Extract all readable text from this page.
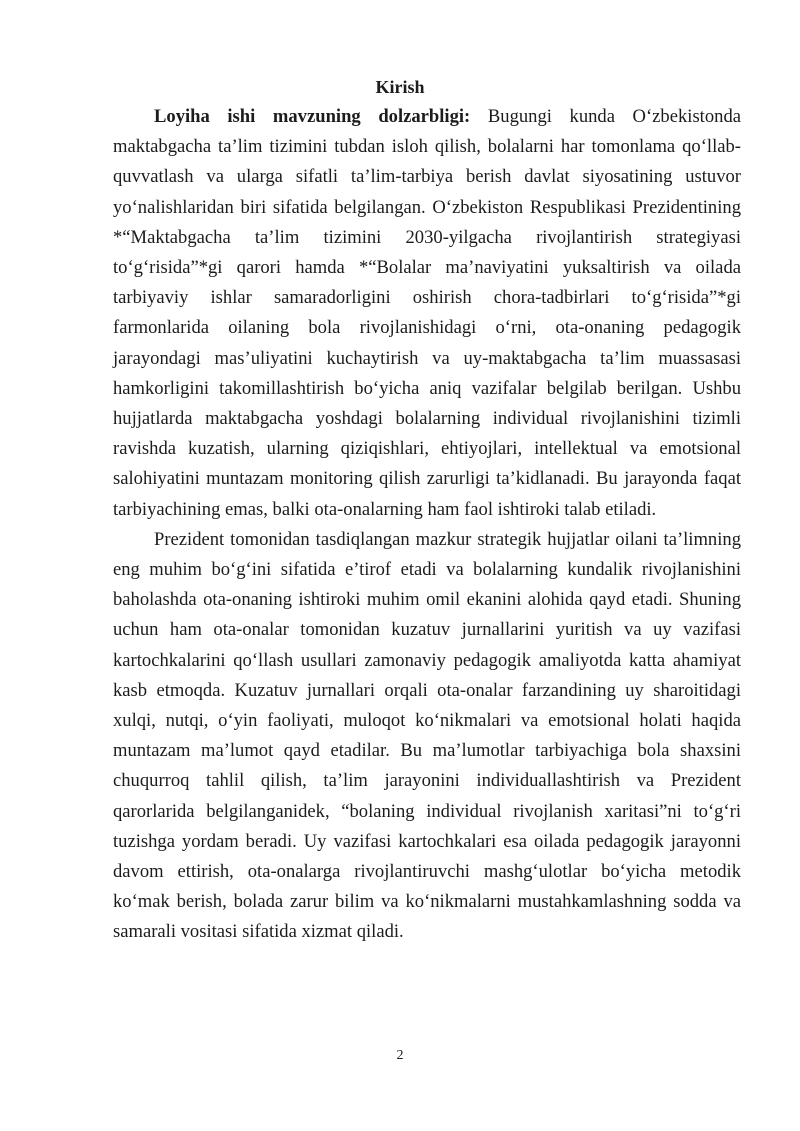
Kirish

Loyiha ishi mavzuning dolzarbligi: Bugungi kunda O‘zbekistonda maktabgacha ta’lim tizimini tubdan isloh qilish, bolalarni har tomonlama qo‘llab-quvvatlash va ularga sifatli ta’lim-tarbiya berish davlat siyosatining ustuvor yo‘nalishlaridan biri sifatida belgilangan. O‘zbekiston Respublikasi Prezidentining *“Maktabgacha ta’lim tizimini 2030-yilgacha rivojlantirish strategiyasi to‘g‘risida”*gi qarori hamda *“Bolalar ma’naviyatini yuksaltirish va oilada tarbiyaviy ishlar samaradorligini oshirish chora-tadbirlari to‘g‘risida”*gi farmonlarida oilaning bola rivojlanishidagi o‘rni, ota-onaning pedagogik jarayondagi mas’uliyatini kuchaytirish va uy-maktabgacha ta’lim muassasasi hamkorligini takomillashtirish bo‘yicha aniq vazifalar belgilab berilgan. Ushbu hujjatlarda maktabgacha yoshdagi bolalarning individual rivojlanishini tizimli ravishda kuzatish, ularning qiziqishlari, ehtiyojlari, intellektual va emotsional salohiyatini muntazam monitoring qilish zarurligi ta’kidlanadi. Bu jarayonda faqat tarbiyachining emas, balki ota-onalarning ham faol ishtiroki talab etiladi.

Prezident tomonidan tasdiqlangan mazkur strategik hujjatlar oilani ta’limning eng muhim bo‘g‘ini sifatida e’tirof etadi va bolalarning kundalik rivojlanishini baholashda ota-onaning ishtiroki muhim omil ekanini alohida qayd etadi. Shuning uchun ham ota-onalar tomonidan kuzatuv jurnallarini yuritish va uy vazifasi kartochkalarini qo‘llash usullari zamonaviy pedagogik amaliyotda katta ahamiyat kasb etmoqda. Kuzatuv jurnallari orqali ota-onalar farzandining uy sharoitidagi xulqi, nutqi, o‘yin faoliyati, muloqot ko‘nikmalari va emotsional holati haqida muntazam ma’lumot qayd etadilar. Bu ma’lumotlar tarbiyachiga bola shaxsini chuqurroq tahlil qilish, ta’lim jarayonini individuallashtirish va Prezident qarorlarida belgilanganidek, “bolaning individual rivojlanish xaritasi”ni to‘g‘ri tuzishga yordam beradi. Uy vazifasi kartochkalari esa oilada pedagogik jarayonni davom ettirish, ota-onalarga rivojlantiruvchi mashg‘ulotlar bo‘yicha metodik ko‘mak berish, bolada zarur bilim va ko‘nikmalarni mustahkamlashning sodda va samarali vositasi sifatida xizmat qiladi.

2
